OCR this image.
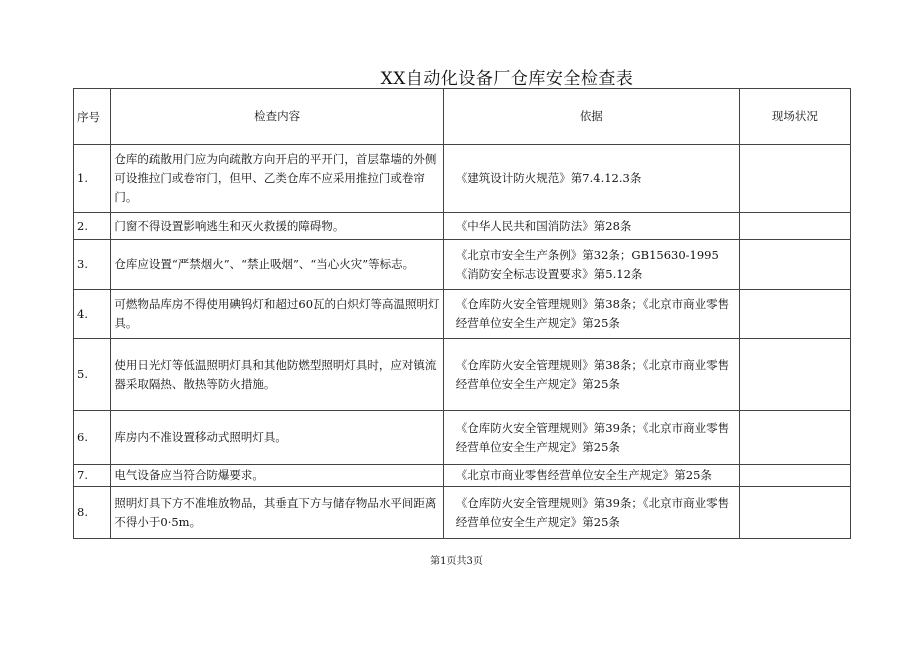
XX自动化设备厂仓库安全检查表
序号	检查内容	依据	现场状况
1.	仓库的疏散用门应为向疏散方向开启的平开门，首层靠墙的外侧可设推拉门或卷帘门，但甲、乙类仓库不应采用推拉门或卷帘门。	《建筑设计防火规范》第7.4.12.3条	
2.	门窗不得设置影响逃生和灭火救援的障碍物。	《中华人民共和国消防法》第28条	
3.	仓库应设置“严禁烟火”、“禁止吸烟”、“当心火灾”等标志。	《北京市安全生产条例》第32条；GB15630-1995《消防安全标志设置要求》第5.12条	
4.	可燃物品库房不得使用碘钨灯和超过60瓦的白炽灯等高温照明灯具。	《仓库防火安全管理规则》第38条；《北京市商业零售经营单位安全生产规定》第25条	
5.	使用日光灯等低温照明灯具和其他防燃型照明灯具时，应对镇流器采取隔热、散热等防火措施。	《仓库防火安全管理规则》第38条；《北京市商业零售经营单位安全生产规定》第25条	
6.	库房内不准设置移动式照明灯具。	《仓库防火安全管理规则》第39条；《北京市商业零售经营单位安全生产规定》第25条	
7.	电气设备应当符合防爆要求。	《北京市商业零售经营单位安全生产规定》第25条	
8.	照明灯具下方不准堆放物品，其垂直下方与储存物品水平间距离不得小于0·5m。	《仓库防火安全管理规则》第39条；《北京市商业零售经营单位安全生产规定》第25条	
第1页共3页
